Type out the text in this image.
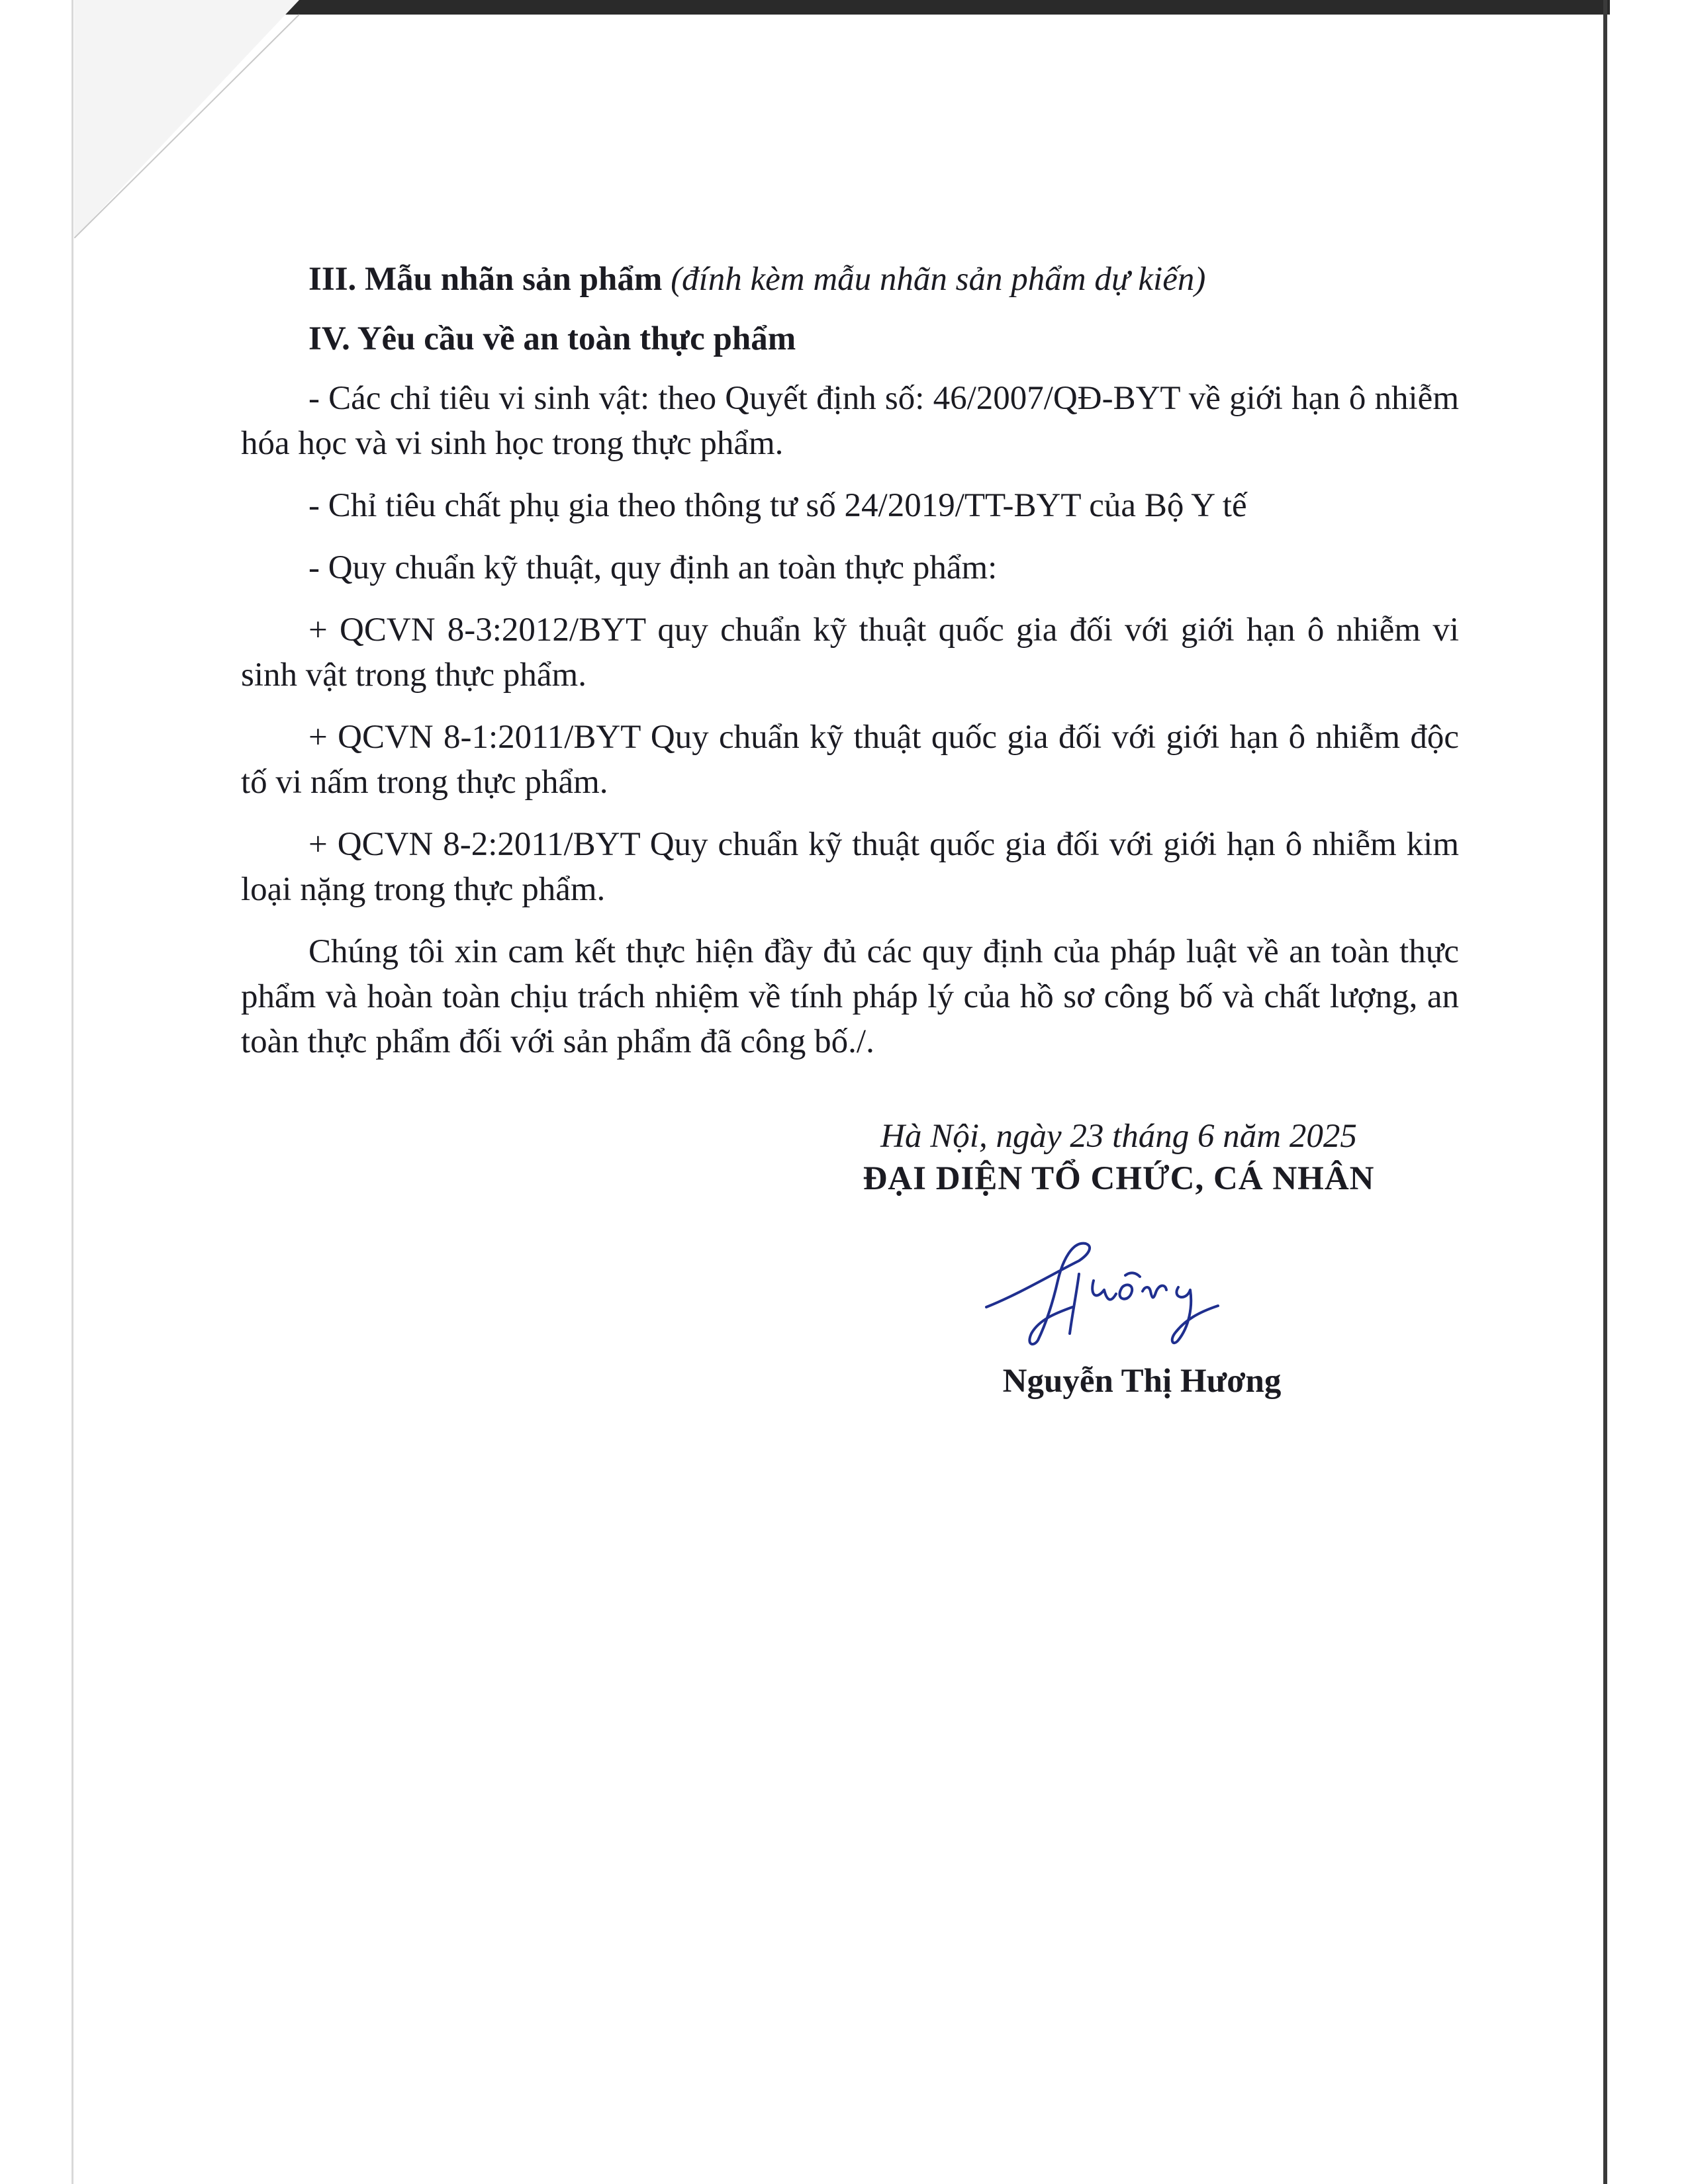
III. Mẫu nhãn sản phẩm (đính kèm mẫu nhãn sản phẩm dự kiến)
IV. Yêu cầu về an toàn thực phẩm

- Các chỉ tiêu vi sinh vật: theo Quyết định số: 46/2007/QĐ-BYT về giới hạn ô nhiễm hóa học và vi sinh học trong thực phẩm.

- Chỉ tiêu chất phụ gia theo thông tư số 24/2019/TT-BYT của Bộ Y tế

- Quy chuẩn kỹ thuật, quy định an toàn thực phẩm:

+ QCVN 8-3:2012/BYT quy chuẩn kỹ thuật quốc gia đối với giới hạn ô nhiễm vi sinh vật trong thực phẩm.

+ QCVN 8-1:2011/BYT Quy chuẩn kỹ thuật quốc gia đối với giới hạn ô nhiễm độc tố vi nấm trong thực phẩm.

+ QCVN 8-2:2011/BYT Quy chuẩn kỹ thuật quốc gia đối với giới hạn ô nhiễm kim loại nặng trong thực phẩm.

Chúng tôi xin cam kết thực hiện đầy đủ các quy định của pháp luật về an toàn thực phẩm và hoàn toàn chịu trách nhiệm về tính pháp lý của hồ sơ công bố và chất lượng, an toàn thực phẩm đối với sản phẩm đã công bố./.

Hà Nội, ngày 23 tháng 6 năm 2025
ĐẠI DIỆN TỔ CHỨC, CÁ NHÂN
Nguyễn Thị Hương
